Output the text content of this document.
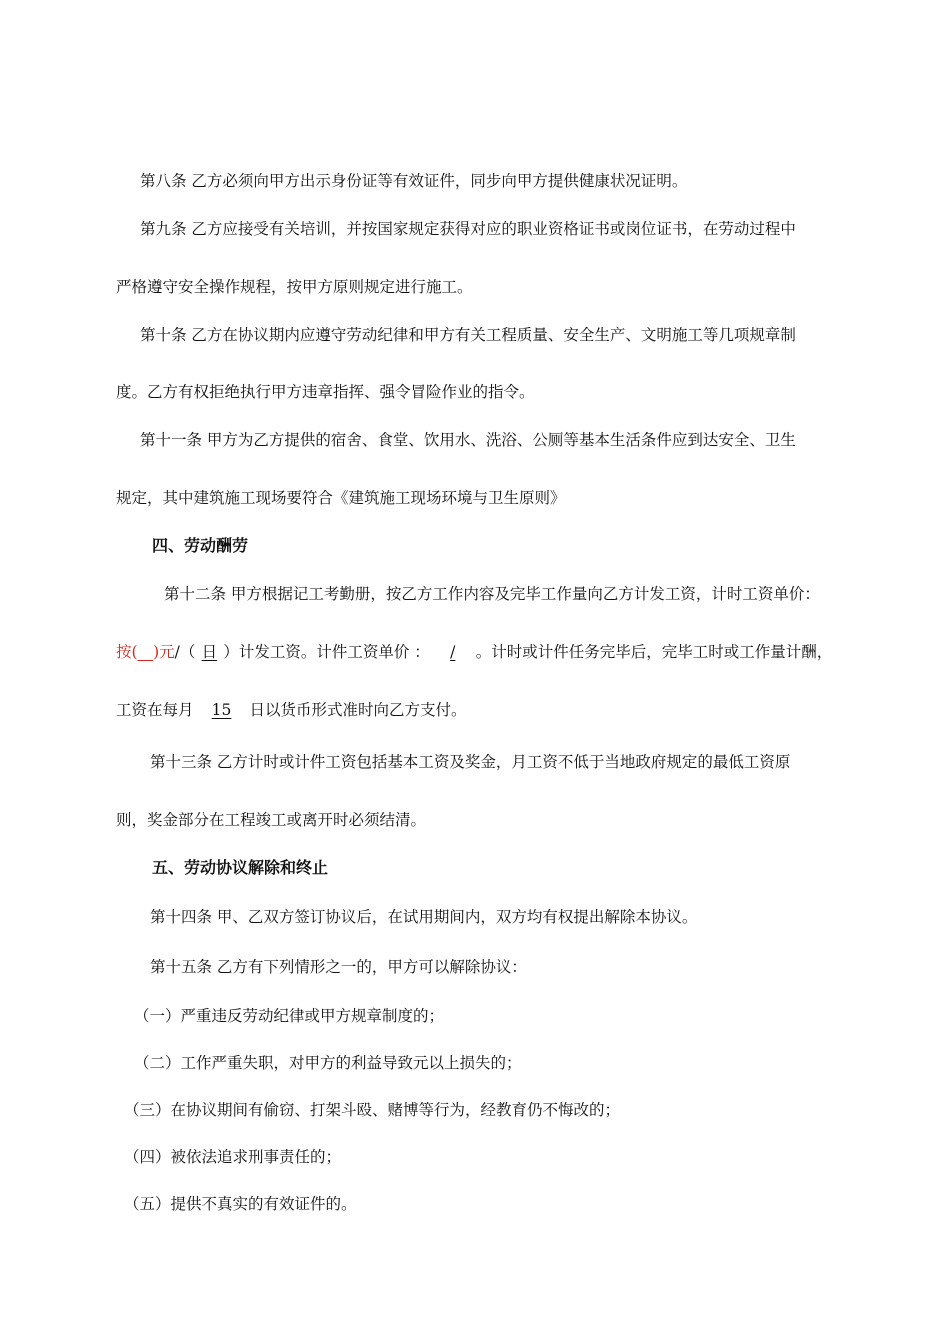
第八条 乙方必须向甲方出示身份证等有效证件，同步向甲方提供健康状况证明。
第九条 乙方应接受有关培训，并按国家规定获得对应的职业资格证书或岗位证书，在劳动过程中
严格遵守安全操作规程，按甲方原则规定进行施工。
第十条 乙方在协议期内应遵守劳动纪律和甲方有关工程质量、安全生产、文明施工等几项规章制
度。乙方有权拒绝执行甲方违章指挥、强令冒险作业的指令。
第十一条 甲方为乙方提供的宿舍、食堂、饮用水、洗浴、公厕等基本生活条件应到达安全、卫生
规定，其中建筑施工现场要符合《建筑施工现场环境与卫生原则》
四、劳动酬劳
第十二条 甲方根据记工考勤册，按乙方工作内容及完毕工作量向乙方计发工资，计时工资单价：
按(__)元/（ 日 ）计发工资。计件工资单价 ： / 。计时或计件任务完毕后，完毕工时或工作量计酬，
工资在每月 15 日以货币形式准时向乙方支付。
第十三条 乙方计时或计件工资包括基本工资及奖金，月工资不低于当地政府规定的最低工资原
则，奖金部分在工程竣工或离开时必须结清。
五、劳动协议解除和终止
第十四条 甲、乙双方签订协议后，在试用期间内，双方均有权提出解除本协议。
第十五条 乙方有下列情形之一的，甲方可以解除协议：
（一）严重违反劳动纪律或甲方规章制度的；
（二）工作严重失职，对甲方的利益导致元以上损失的；
（三）在协议期间有偷窃、打架斗殴、赌博等行为，经教育仍不悔改的；
（四）被依法追求刑事责任的；
（五）提供不真实的有效证件的。
